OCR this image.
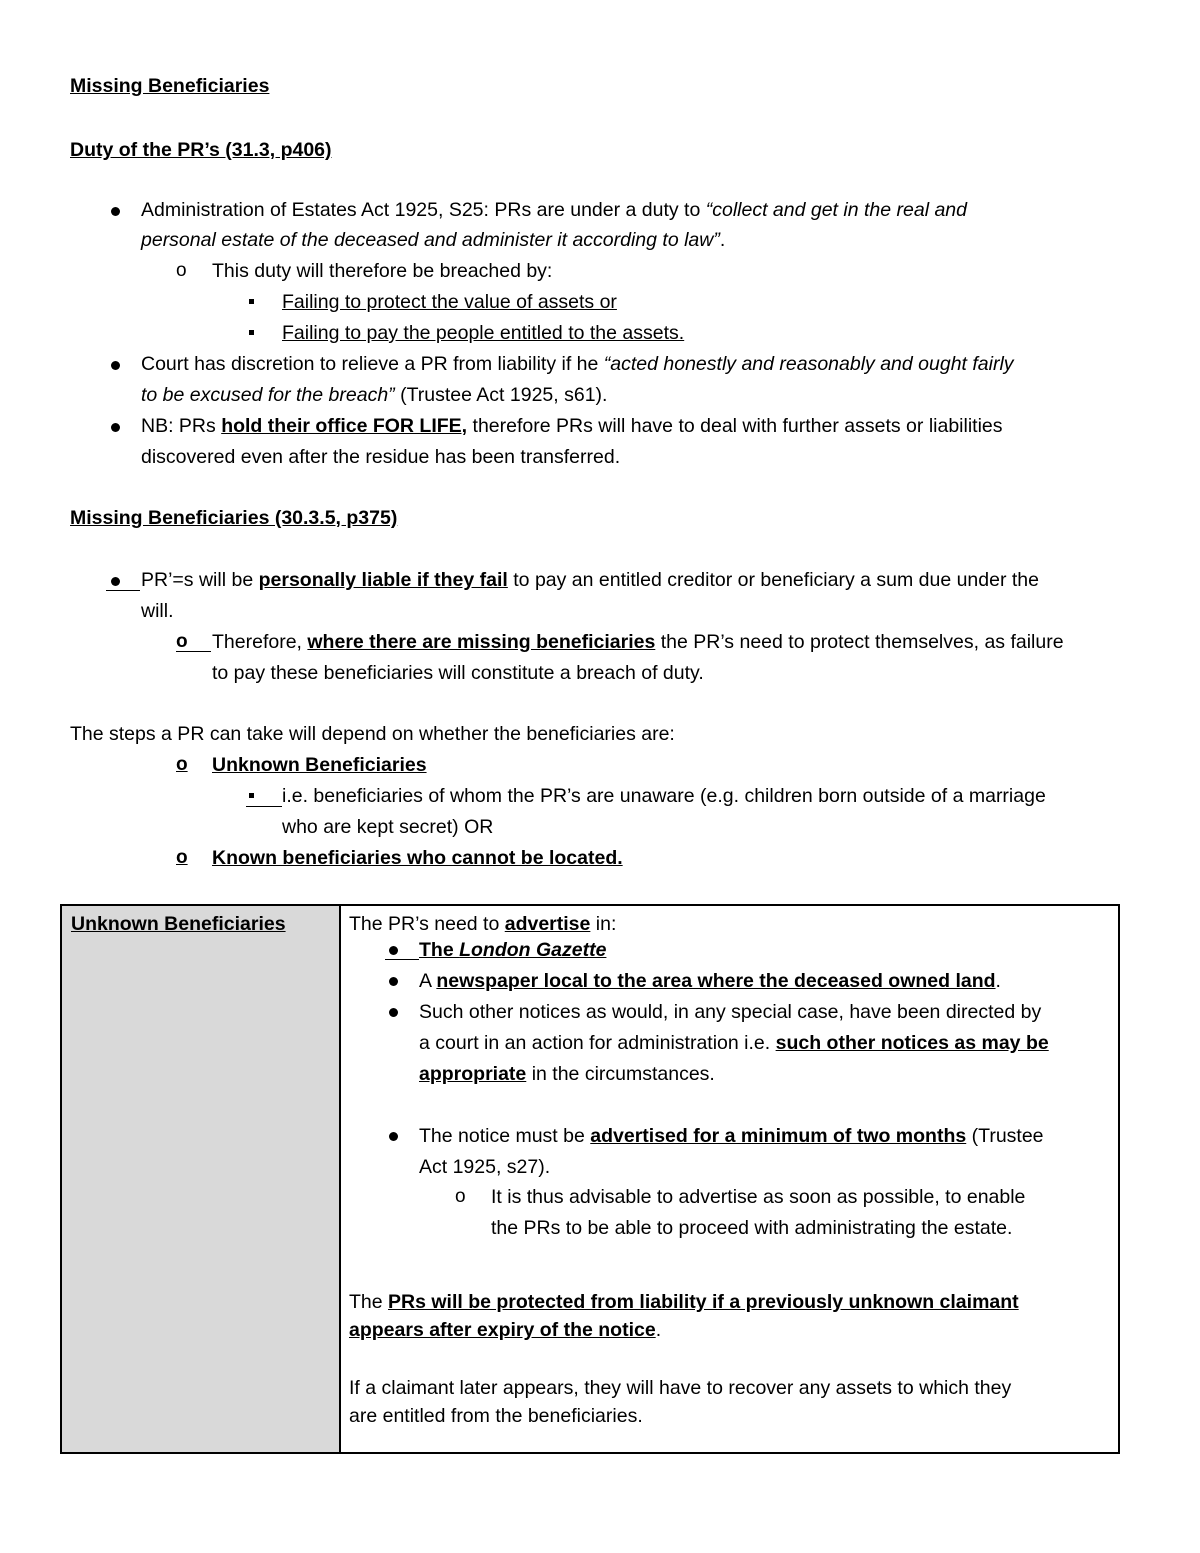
Missing Beneficiaries
Duty of the PR’s (31.3, p406)
Administration of Estates Act 1925, S25: PRs are under a duty to “collect and get in the real and
personal estate of the deceased and administer it according to law”.
o This duty will therefore be breached by:
Failing to protect the value of assets or
Failing to pay the people entitled to the assets.
Court has discretion to relieve a PR from liability if he “acted honestly and reasonably and ought fairly
to be excused for the breach” (Trustee Act 1925, s61).
NB: PRs hold their office FOR LIFE, therefore PRs will have to deal with further assets or liabilities
discovered even after the residue has been transferred.
Missing Beneficiaries (30.3.5, p375)
PR’=s will be personally liable if they fail to pay an entitled creditor or beneficiary a sum due under the
will.
o Therefore, where there are missing beneficiaries the PR’s need to protect themselves, as failure
to pay these beneficiaries will constitute a breach of duty.
The steps a PR can take will depend on whether the beneficiaries are:
o Unknown Beneficiaries
i.e. beneficiaries of whom the PR’s are unaware (e.g. children born outside of a marriage
who are kept secret) OR
o Known beneficiaries who cannot be located.
Unknown Beneficiaries	The PR’s need to advertise in:
The London Gazette
A newspaper local to the area where the deceased owned land.
Such other notices as would, in any special case, have been directed by
a court in an action for administration i.e. such other notices as may be
appropriate in the circumstances.
The notice must be advertised for a minimum of two months (Trustee
Act 1925, s27).
o It is thus advisable to advertise as soon as possible, to enable
the PRs to be able to proceed with administrating the estate.
The PRs will be protected from liability if a previously unknown claimant
appears after expiry of the notice.
If a claimant later appears, they will have to recover any assets to which they
are entitled from the beneficiaries.
